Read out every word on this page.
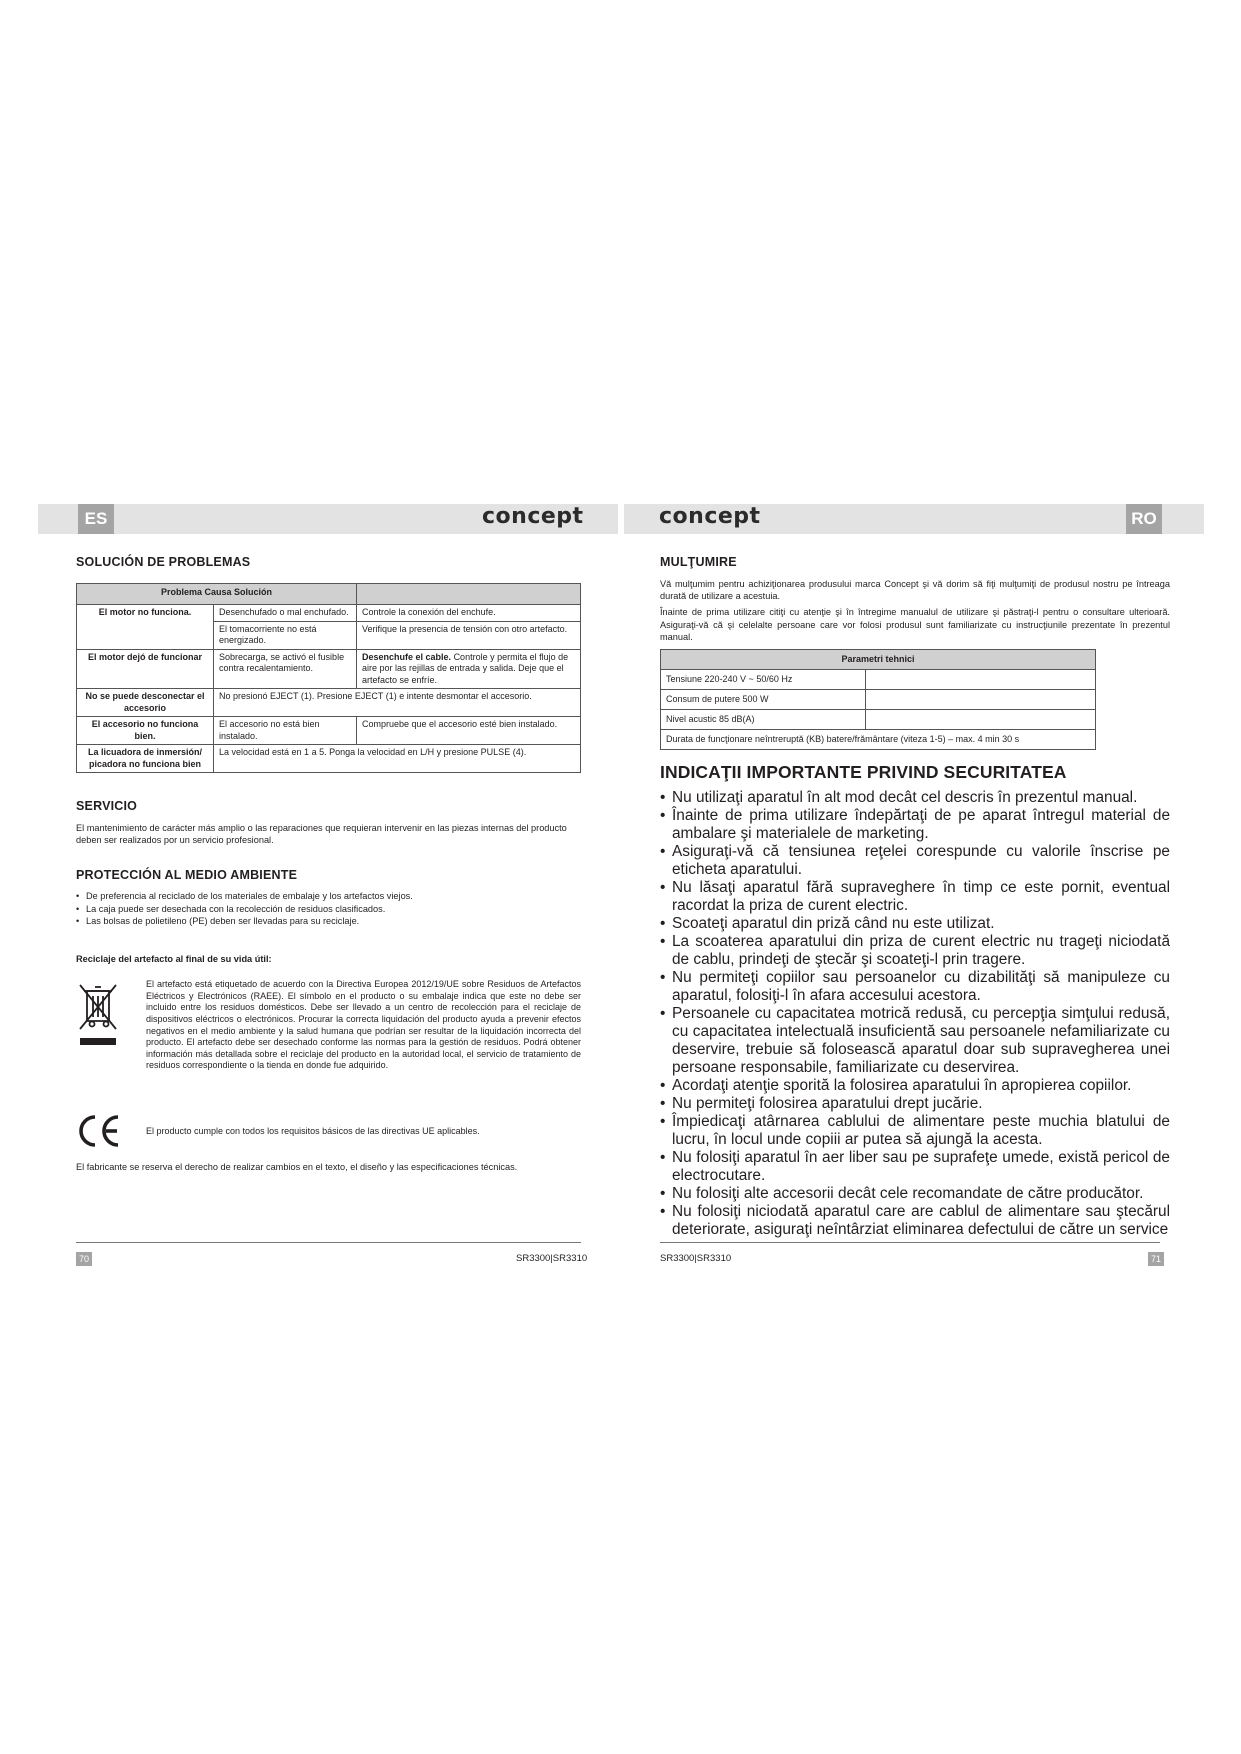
ES	RO
concept	concept
SOLUCIÓN DE PROBLEMAS
Problema Causa Solución		
El motor no funciona.	Desenchufado o mal enchufado.	Controle la conexión del enchufe.
	El tomacorriente no está energizado.	Verifique la presencia de tensión con otro artefacto.
El motor dejó de funcionar	Sobrecarga, se activó el fusible contra recalentamiento.	Desenchufe el cable. Controle y permita el flujo de aire por las rejillas de entrada y salida. Deje que el artefacto se enfríe.
No se puede desconectar el accesorio	No presionó EJECT (1). Presione EJECT (1) e intente desmontar el accesorio.	
El accesorio no funciona bien.	El accesorio no está bien instalado.	Compruebe que el accesorio esté bien instalado.
La licuadora de inmersión/ picadora no funciona bien	La velocidad está en 1 a 5. Ponga la velocidad en L/H y presione PULSE (4).	
SERVICIO

El mantenimiento de carácter más amplio o las reparaciones que requieran intervenir en las piezas internas del producto deben ser realizados por un servicio profesional.

PROTECCIÓN AL MEDIO AMBIENTE
• De preferencia al reciclado de los materiales de embalaje y los artefactos viejos.
• La caja puede ser desechada con la recolección de residuos clasificados.
• Las bolsas de polietileno (PE) deben ser llevadas para su reciclaje.

Reciclaje del artefacto al final de su vida útil:

El artefacto está etiquetado de acuerdo con la Directiva Europea 2012/19/UE sobre Residuos de Artefactos Eléctricos y Electrónicos (RAEE). El símbolo en el producto o su embalaje indica que este no debe ser incluido entre los residuos domésticos. Debe ser llevado a un centro de recolección para el reciclaje de dispositivos eléctricos o electrónicos. Procurar la correcta liquidación del producto ayuda a prevenir efectos negativos en el medio ambiente y la salud humana que podrían ser resultar de la liquidación incorrecta del producto. El artefacto debe ser desechado conforme las normas para la gestión de residuos. Podrá obtener información más detallada sobre el reciclaje del producto en la autoridad local, el servicio de tratamiento de residuos correspondiente o la tienda en donde fue adquirido.
El producto cumple con todos los requisitos básicos de las directivas UE aplicables.

El fabricante se reserva el derecho de realizar cambios en el texto, el diseño y las especificaciones técnicas.

MULŢUMIRE

Vă mulţumim pentru achiziţionarea produsului marca Concept şi vă dorim să fiţi mulţumiţi de produsul nostru pe întreaga durată de utilizare a acestuia.

Înainte de prima utilizare citiţi cu atenţie şi în întregime manualul de utilizare şi păstraţi-l pentru o consultare ulterioară. Asiguraţi-vă că şi celelalte persoane care vor folosi produsul sunt familiarizate cu instrucţiunile prezentate în prezentul manual.

Parametri tehnici	
Tensiune 220-240 V ~ 50/60 Hz	
Consum de putere 500 W	
Nivel acustic 85 dB(A)	
Durata de funcţionare neîntreruptă (KB) batere/frământare (viteza 1-5) – max. 4 min 30 s	
INDICAŢII IMPORTANTE PRIVIND SECURITATEA
• Nu utilizaţi aparatul în alt mod decât cel descris în prezentul manual.
• Înainte de prima utilizare îndepărtaţi de pe aparat întregul material de ambalare şi materialele de marketing.
• Asiguraţi-vă că tensiunea reţelei corespunde cu valorile înscrise pe eticheta aparatului.
• Nu lăsaţi aparatul fără supraveghere în timp ce este pornit, eventual racordat la priza de curent electric.
• Scoateţi aparatul din priză când nu este utilizat.
• La scoaterea aparatului din priza de curent electric nu trageţi niciodată de cablu, prindeţi de ştecăr şi scoateţi-l prin tragere.
• Nu permiteţi copiilor sau persoanelor cu dizabilităţi să manipuleze cu aparatul, folosiţi-l în afara accesului acestora.
• Persoanele cu capacitatea motrică redusă, cu percepţia simţului redusă, cu capacitatea intelectuală insuficientă sau persoanele nefamiliarizate cu deservire, trebuie să folosească aparatul doar sub supravegherea unei persoane responsabile, familiarizate cu deservirea.
• Acordaţi atenţie sporită la folosirea aparatului în apropierea copiilor.
• Nu permiteţi folosirea aparatului drept jucărie.
• Împiedicaţi atârnarea cablului de alimentare peste muchia blatului de lucru, în locul unde copiii ar putea să ajungă la acesta.
• Nu folosiţi aparatul în aer liber sau pe suprafeţe umede, există pericol de electrocutare.
• Nu folosiţi alte accesorii decât cele recomandate de către producător.
• Nu folosiţi niciodată aparatul care are cablul de alimentare sau ştecărul deteriorate, asiguraţi neîntârziat eliminarea defectului de către un service
70	SR3300|SR3310	SR3300|SR3310	71
